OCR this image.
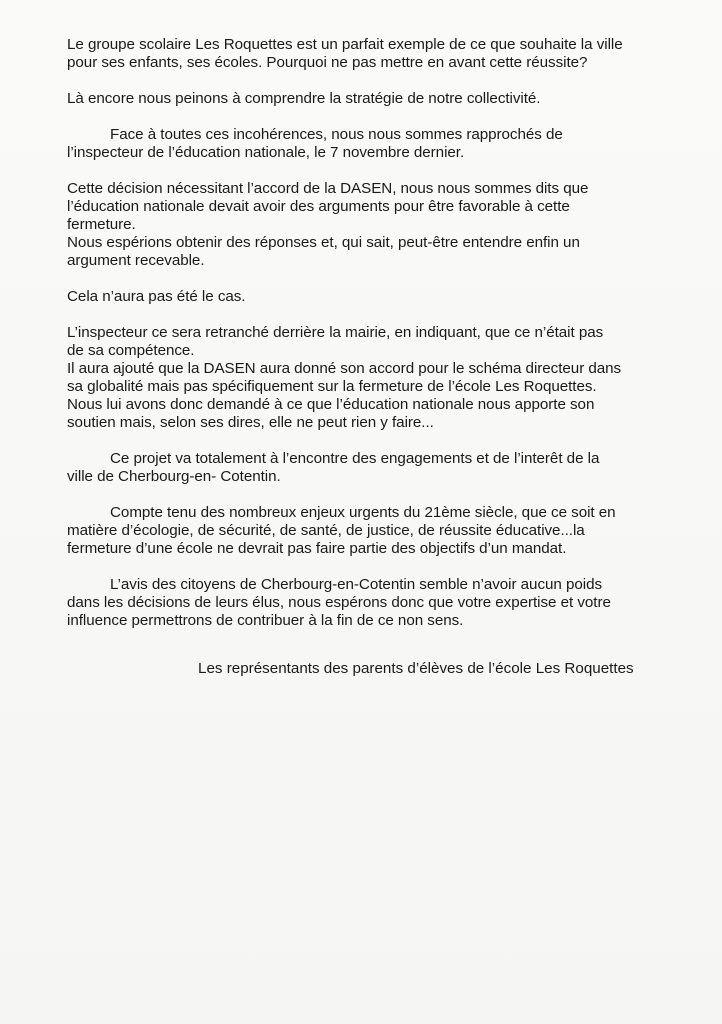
Le groupe scolaire Les Roquettes est un parfait exemple de ce que souhaite la ville
pour ses enfants, ses écoles. Pourquoi ne pas mettre en avant cette réussite?

Là encore nous peinons à comprendre la stratégie de notre collectivité.

Face à toutes ces incohérences, nous nous sommes rapprochés de
l’inspecteur de l’éducation nationale, le 7 novembre dernier.

Cette décision nécessitant l’accord de la DASEN, nous nous sommes dits que
l’éducation nationale devait avoir des arguments pour être favorable à cette
fermeture.
Nous espérions obtenir des réponses et, qui sait, peut-être entendre enfin un
argument recevable.

Cela n’aura pas été le cas.

L’inspecteur ce sera retranché derrière la mairie, en indiquant, que ce n’était pas
de sa compétence.
Il aura ajouté que la DASEN aura donné son accord pour le schéma directeur dans
sa globalité mais pas spécifiquement sur la fermeture de l’école Les Roquettes.
Nous lui avons donc demandé à ce que l’éducation nationale nous apporte son
soutien mais, selon ses dires, elle ne peut rien y faire...

Ce projet va totalement à l’encontre des engagements et de l’interêt de la
ville de Cherbourg-en- Cotentin.

Compte tenu des nombreux enjeux urgents du 21ème siècle, que ce soit en
matière d’écologie, de sécurité, de santé, de justice, de réussite éducative...la
fermeture d’une école ne devrait pas faire partie des objectifs d’un mandat.

L’avis des citoyens de Cherbourg-en-Cotentin semble n’avoir aucun poids
dans les décisions de leurs élus, nous espérons donc que votre expertise et votre
influence permettrons de contribuer à la fin de ce non sens.

Les représentants des parents d’élèves de l’école Les Roquettes
